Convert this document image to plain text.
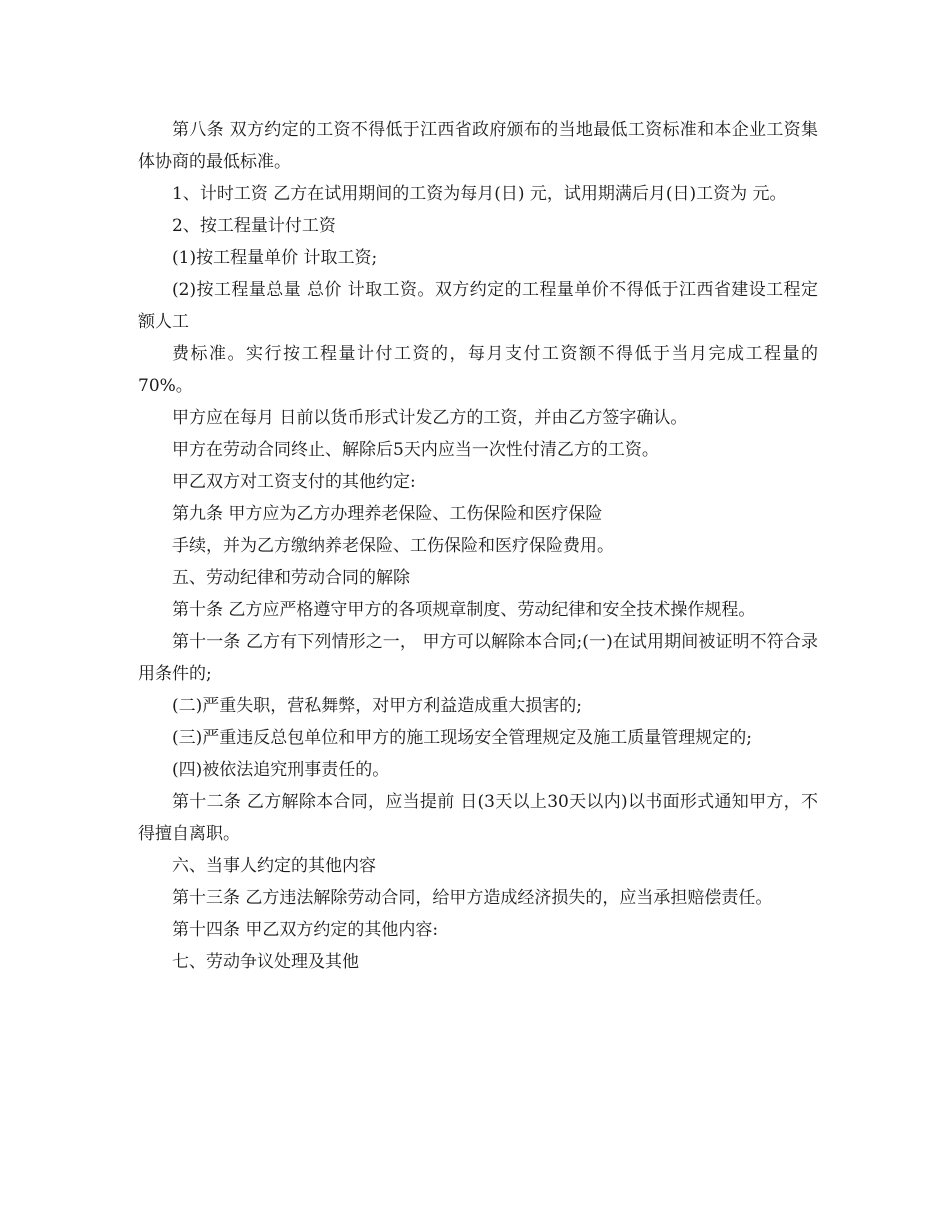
第八条 双方约定的工资不得低于江西省政府颁布的当地最低工资标准和本企业工资集体协商的最低标准。

1、计时工资 乙方在试用期间的工资为每月(日) 元，试用期满后月(日)工资为 元。

2、按工程量计付工资

(1)按工程量单价 计取工资;

(2)按工程量总量 总价 计取工资。双方约定的工程量单价不得低于江西省建设工程定额人工

费标准。实行按工程量计付工资的，每月支付工资额不得低于当月完成工程量的 70%。

甲方应在每月 日前以货币形式计发乙方的工资，并由乙方签字确认。

甲方在劳动合同终止、解除后5天内应当一次性付清乙方的工资。

甲乙双方对工资支付的其他约定:

第九条 甲方应为乙方办理养老保险、工伤保险和医疗保险

手续，并为乙方缴纳养老保险、工伤保险和医疗保险费用。

五、劳动纪律和劳动合同的解除

第十条 乙方应严格遵守甲方的各项规章制度、劳动纪律和安全技术操作规程。

第十一条 乙方有下列情形之一， 甲方可以解除本合同;(一)在试用期间被证明不符合录用条件的;

(二)严重失职，营私舞弊，对甲方利益造成重大损害的;

(三)严重违反总包单位和甲方的施工现场安全管理规定及施工质量管理规定的;

(四)被依法追究刑事责任的。

第十二条 乙方解除本合同，应当提前 日(3天以上30天以内)以书面形式通知甲方，不得擅自离职。

六、当事人约定的其他内容

第十三条 乙方违法解除劳动合同，给甲方造成经济损失的，应当承担赔偿责任。

第十四条 甲乙双方约定的其他内容:

七、劳动争议处理及其他
